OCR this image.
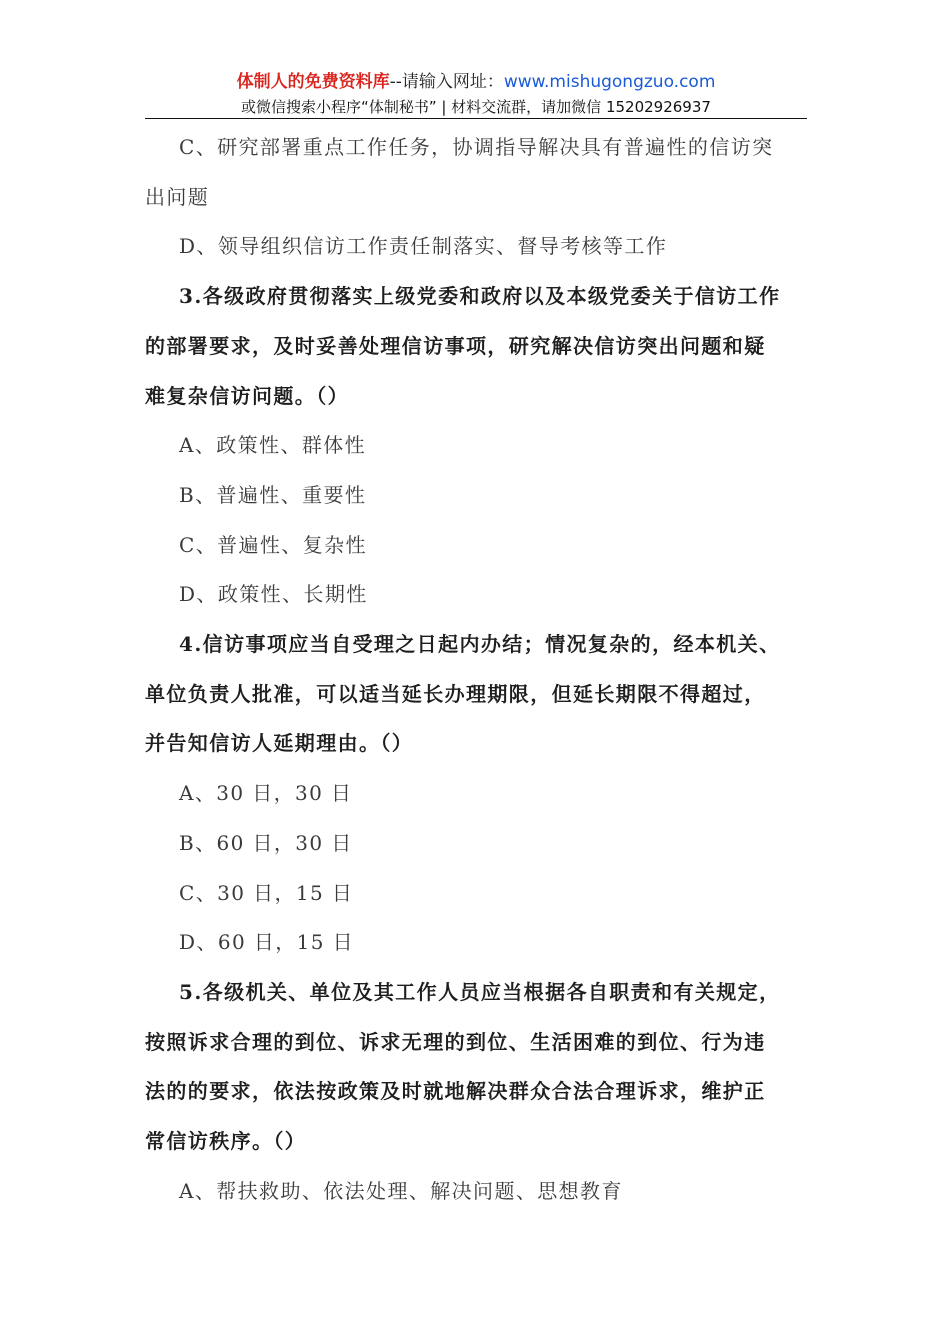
体制人的免费资料库--请输入网址：www.mishugongzuo.com
或微信搜索小程序“体制秘书” | 材料交流群，请加微信 15202926937

C、研究部署重点工作任务，协调指导解决具有普遍性的信访突

出问题

D、领导组织信访工作责任制落实、督导考核等工作

3.各级政府贯彻落实上级党委和政府以及本级党委关于信访工作

的部署要求，及时妥善处理信访事项，研究解决信访突出问题和疑

难复杂信访问题。（）

A、政策性、群体性

B、普遍性、重要性

C、普遍性、复杂性

D、政策性、长期性

4.信访事项应当自受理之日起内办结；情况复杂的，经本机关、

单位负责人批准，可以适当延长办理期限，但延长期限不得超过，

并告知信访人延期理由。（）

A、30 日，30 日

B、60 日，30 日

C、30 日，15 日

D、60 日，15 日

5.各级机关、单位及其工作人员应当根据各自职责和有关规定，

按照诉求合理的到位、诉求无理的到位、生活困难的到位、行为违

法的的要求，依法按政策及时就地解决群众合法合理诉求，维护正

常信访秩序。（）

A、帮扶救助、依法处理、解决问题、思想教育
